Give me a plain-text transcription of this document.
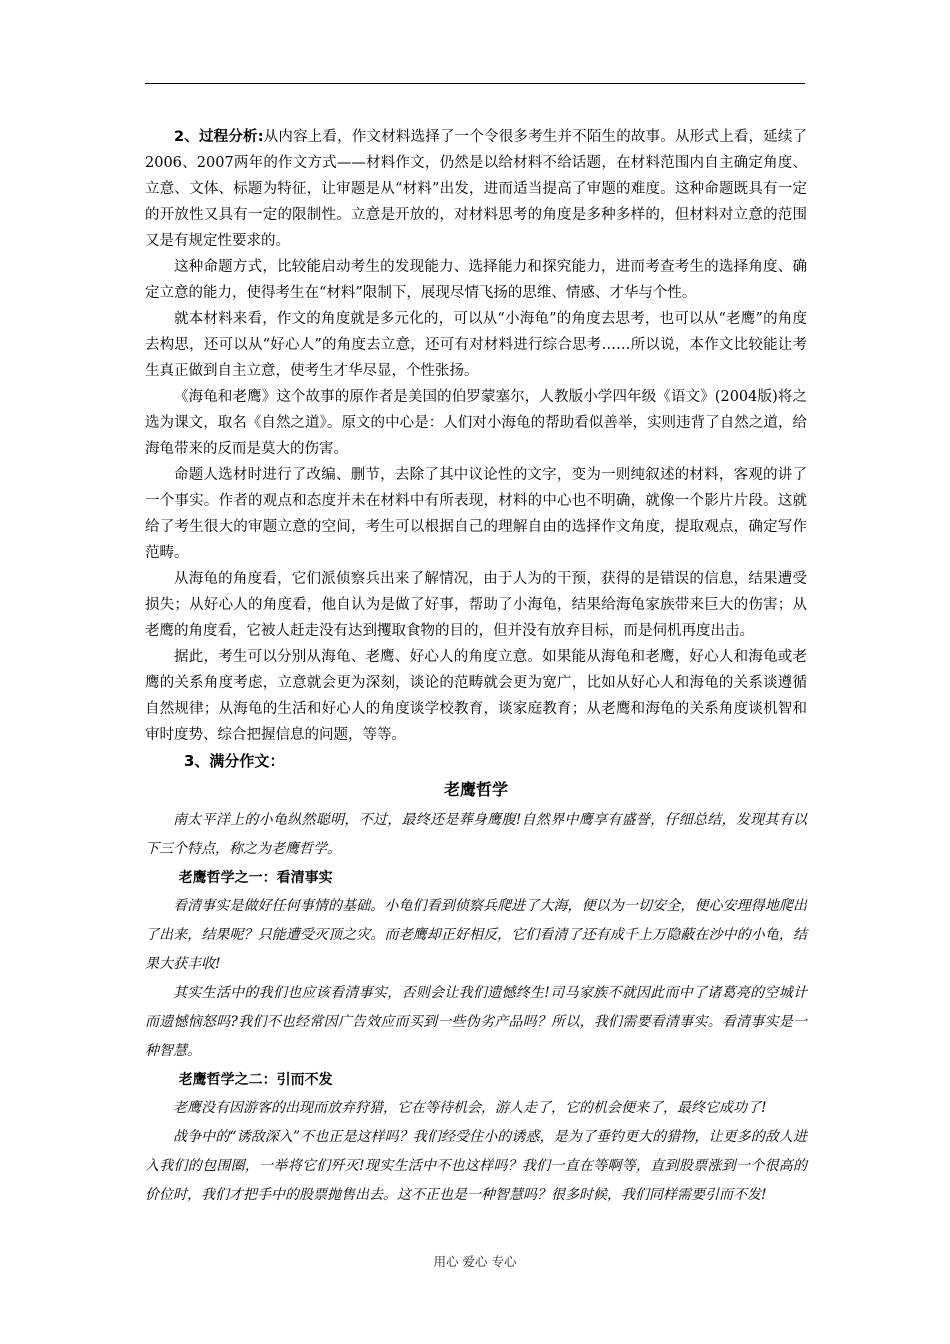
2、过程分析:从内容上看，作文材料选择了一个令很多考生并不陌生的故事。从形式上看，延续了2006、2007两年的作文方式——材料作文，仍然是以给材料不给话题，在材料范围内自主确定角度、立意、文体、标题为特征，让审题是从“材料”出发，进而适当提高了审题的难度。这种命题既具有一定的开放性又具有一定的限制性。立意是开放的，对材料思考的角度是多种多样的，但材料对立意的范围又是有规定性要求的。

这种命题方式，比较能启动考生的发现能力、选择能力和探究能力，进而考查考生的选择角度、确定立意的能力，使得考生在“材料”限制下，展现尽情飞扬的思维、情感、才华与个性。

就本材料来看，作文的角度就是多元化的，可以从“小海龟”的角度去思考，也可以从“老鹰”的角度去构思，还可以从“好心人”的角度去立意，还可有对材料进行综合思考……所以说，本作文比较能让考生真正做到自主立意，使考生才华尽显，个性张扬。

《海龟和老鹰》这个故事的原作者是美国的伯罗蒙塞尔，人教版小学四年级《语文》(2004版)将之选为课文，取名《自然之道》。原文的中心是：人们对小海龟的帮助看似善举，实则违背了自然之道，给海龟带来的反而是莫大的伤害。

命题人选材时进行了改编、删节，去除了其中议论性的文字，变为一则纯叙述的材料，客观的讲了一个事实。作者的观点和态度并未在材料中有所表现，材料的中心也不明确，就像一个影片片段。这就给了考生很大的审题立意的空间，考生可以根据自己的理解自由的选择作文角度，提取观点，确定写作范畴。

从海龟的角度看，它们派侦察兵出来了解情况，由于人为的干预，获得的是错误的信息，结果遭受损失；从好心人的角度看，他自认为是做了好事，帮助了小海龟，结果给海龟家族带来巨大的伤害；从老鹰的角度看，它被人赶走没有达到攫取食物的目的，但并没有放弃目标，而是伺机再度出击。

据此，考生可以分别从海龟、老鹰、好心人的角度立意。如果能从海龟和老鹰，好心人和海龟或老鹰的关系角度考虑，立意就会更为深刻，谈论的范畴就会更为宽广，比如从好心人和海龟的关系谈遵循自然规律；从海龟的生活和好心人的角度谈学校教育，谈家庭教育；从老鹰和海龟的关系角度谈机智和审时度势、综合把握信息的问题，等等。

3、满分作文：

老鹰哲学

南太平洋上的小龟纵然聪明，不过，最终还是葬身鹰腹!自然界中鹰享有盛誉，仔细总结，发现其有以下三个特点，称之为老鹰哲学。

老鹰哲学之一：看清事实

看清事实是做好任何事情的基础。小龟们看到侦察兵爬进了大海，便以为一切安全，便心安理得地爬出了出来，结果呢？只能遭受灭顶之灾。而老鹰却正好相反，它们看清了还有成千上万隐蔽在沙中的小龟，结果大获丰收!

其实生活中的我们也应该看清事实，否则会让我们遗憾终生!司马家族不就因此而中了诸葛亮的空城计而遗憾恼怒吗?我们不也经常因广告效应而买到一些伪劣产品吗？所以，我们需要看清事实。看清事实是一种智慧。

老鹰哲学之二：引而不发

老鹰没有因游客的出现而放弃狩猎，它在等待机会，游人走了，它的机会便来了，最终它成功了!

战争中的“诱敌深入”不也正是这样吗？我们经受住小的诱惑，是为了垂钓更大的猎物，让更多的敌人进入我们的包围圈，一举将它们歼灭!现实生活中不也这样吗？我们一直在等啊等，直到股票涨到一个很高的价位时，我们才把手中的股票抛售出去。这不正也是一种智慧吗？很多时候，我们同样需要引而不发!

用心 爱心 专心
